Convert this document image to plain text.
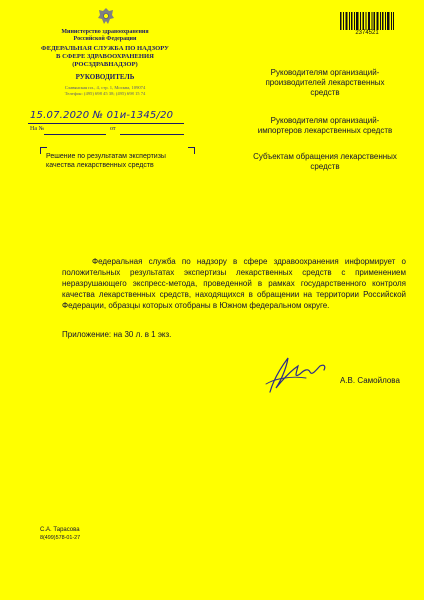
Министерство здравоохранения
Российской Федерации
ФЕДЕРАЛЬНАЯ СЛУЖБА ПО НАДЗОРУ
В СФЕРЕ ЗДРАВООХРАНЕНИЯ
(РОСЗДРАВНАДЗОР)
РУКОВОДИТЕЛЬ
Славянская пл., 4, стр. 1, Москва, 109074
Телефон: (495) 698 45 38; (495) 698 15 74
15.07.2020 № 01и-1345/20
На №	от
Решение по результатам экспертизы качества лекарственных средств
2374521
Руководителям организаций-производителей лекарственных средств
Руководителям организаций-импортеров лекарственных средств
Субъектам обращения лекарственных средств
Федеральная служба по надзору в сфере здравоохранения информирует о положительных результатах экспертизы лекарственных средств с применением неразрушающего экспресс-метода, проведенной в рамках государственного контроля качества лекарственных средств, находящихся в обращении на территории Российской Федерации, образцы которых отобраны в Южном федеральном округе.
Приложение: на 30 л. в 1 экз.
А.В. Самойлова
С.А. Тарасова
8(499)578-01-27
